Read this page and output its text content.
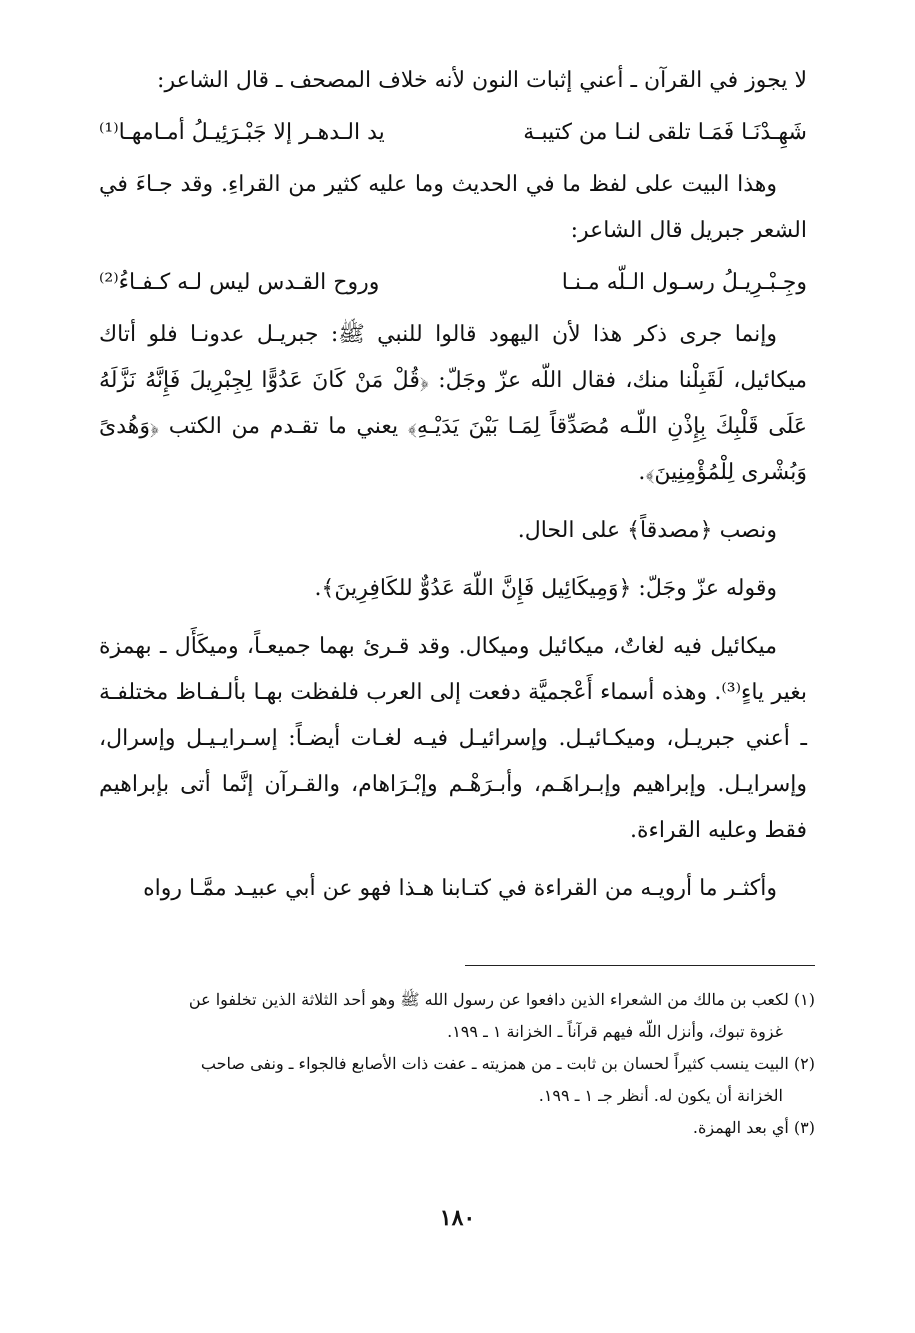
لا يجوز في القرآن ـ أعني إثبات النون لأنه خلاف المصحف ـ قال الشاعر:

شَهِـدْنَـا فَمَـا تلقى لنـا من كتيبـة
يد الـدهـر إلا جَبْـرَئِيـلُ أمـامهـا⁽¹⁾

وهذا البيت على لفظ ما في الحديث وما عليه كثير من القراءِ. وقد جـاءَ في الشعر جبريل قال الشاعر:

وجِـبْـرِيـلُ رسـول الـلّه مـنـا
وروح القـدس ليس لـه كـفـاءُ⁽²⁾

وإنما جرى ذكر هذا لأن اليهود قالوا للنبي ﷺ: جبريـل عدونـا فلو أتاك ميكائيل، لَقَبِلْنا منك، فقال اللّه عزّ وجَلّ: ﴿قُلْ مَنْ كَانَ عَدُوًّا لِجِبْرِيلَ فَإِنَّهُ نَزَّلَهُ عَلَى قَلْبِكَ بِإِذْنِ اللّـه مُصَدِّقاً لِمَـا بَيْنَ يَدَيْـهِ﴾ يعني ما تقـدم من الكتب ﴿وَهُدىً وَبُشْرى لِلْمُؤْمِنِينَ﴾.

ونصب ﴿مصدقاً﴾ على الحال.

وقوله عزّ وجَلّ: ﴿وَمِيكَائِيل فَإِنَّ اللّهَ عَدُوٌّ للكَافِرِينَ﴾.

ميكائيل فيه لغاتٌ، ميكائيل وميكال. وقد قـرئ بهما جميعـاً، وميكَأَل ـ بهمزة بغير ياءٍ⁽³⁾. وهذه أسماء أَعْجميَّة دفعت إلى العرب فلفظت بهـا بألـفـاظ مختلفـة ـ أعني جبريـل، وميكـائيـل. وإسرائيـل فيـه لغـات أيضـاً: إسـرايـيـل وإسرال، وإسرايـل. وإبراهيم وإبـراهَـم، وأبـرَهْـم وإبْـرَاهام، والقـرآن إنَّما أتى بإبراهيم فقط وعليه القراءة.

وأكثـر ما أرويـه من القراءة في كتـابنا هـذا فهو عن أبي عبيـد ممَّـا رواه

(١) لكعب بن مالك من الشعراء الذين دافعوا عن رسول الله ﷺ وهو أحد الثلاثة الذين تخلفوا عن

غزوة تبوك، وأنزل اللّه فيهم قرآناً ـ الخزانة ١ ـ ١٩٩.

(٢) البيت ينسب كثيراً لحسان بن ثابت ـ من همزيته ـ عفت ذات الأصابع فالجواء ـ ونفى صاحب

الخزانة أن يكون له. أنظر جـ ١ ـ ١٩٩.

(٣) أي بعد الهمزة.

١٨٠
